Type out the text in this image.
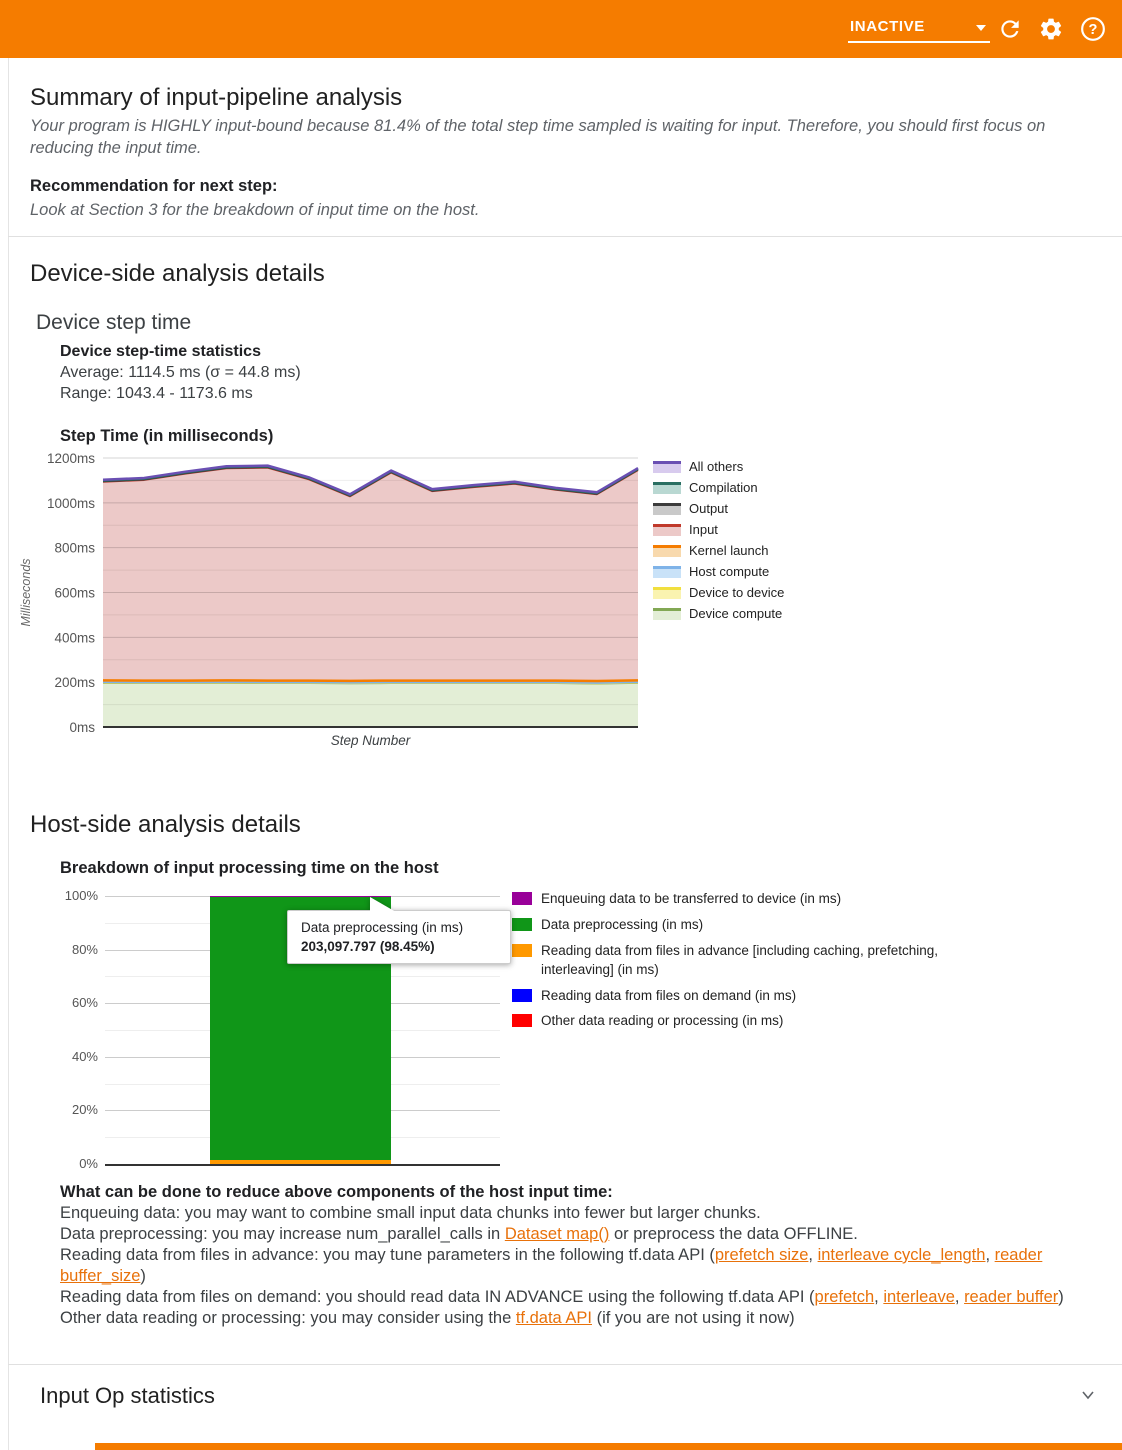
INACTIVE	?
Summary of input-pipeline analysis
Your program is HIGHLY input-bound because 81.4% of the total step time sampled is waiting for input. Therefore, you should first focus on reducing the input time.
Recommendation for next step:
Look at Section 3 for the breakdown of input time on the host.
Device-side analysis details
Device step time
Device step-time statistics
Average: 1114.5 ms (σ = 44.8 ms)
Range: 1043.4 - 1173.6 ms
Step Time (in milliseconds)
0ms
200ms
400ms
600ms
800ms
1000ms
1200ms
Step Number
Milliseconds
All others
Compilation
Output
Input
Kernel launch
Host compute
Device to device
Device compute
Host-side analysis details
Breakdown of input processing time on the host
0%
20%
40%
60%
80%
100%	Enqueuing data to be transferred to device (in ms)
Data preprocessing (in ms)
Reading data from files in advance [including caching, prefetching, interleaving] (in ms)
Reading data from files on demand (in ms)
Other data reading or processing (in ms)
Data preprocessing (in ms)
203,097.797 (98.45%)
What can be done to reduce above components of the host input time:
Enqueuing data: you may want to combine small input data chunks into fewer but larger chunks.
Data preprocessing: you may increase num_parallel_calls in Dataset map() or preprocess the data OFFLINE.
Reading data from files in advance: you may tune parameters in the following tf.data API (prefetch size, interleave cycle_length, reader buffer_size)
Reading data from files on demand: you should read data IN ADVANCE using the following tf.data API (prefetch, interleave, reader buffer)
Other data reading or processing: you may consider using the tf.data API (if you are not using it now)
Input Op statistics
